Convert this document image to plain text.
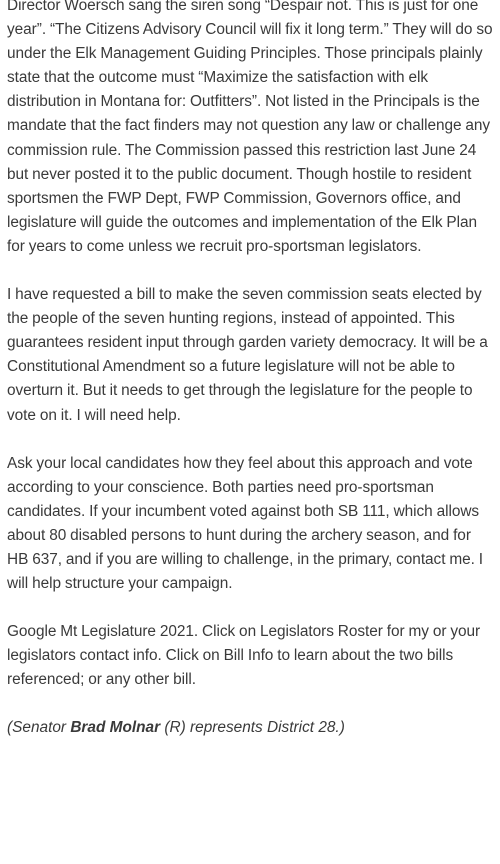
Director Woersch sang the siren song “Despair not. This is just for one year”. “The Citizens Advisory Council will fix it long term.” They will do so under the Elk Management Guiding Principles. Those principals plainly state that the outcome must “Maximize the satisfaction with elk distribution in Montana for: Outfitters”. Not listed in the Principals is the mandate that the fact finders may not question any law or challenge any commission rule. The Commission passed this restriction last June 24 but never posted it to the public document. Though hostile to resident sportsmen the FWP Dept, FWP Commission, Governors office, and legislature will guide the outcomes and implementation of the Elk Plan for years to come unless we recruit pro-sportsman legislators.

I have requested a bill to make the seven commission seats elected by the people of the seven hunting regions, instead of appointed. This guarantees resident input through garden variety democracy. It will be a Constitutional Amendment so a future legislature will not be able to overturn it. But it needs to get through the legislature for the people to vote on it. I will need help.

Ask your local candidates how they feel about this approach and vote according to your conscience. Both parties need pro-sportsman candidates. If your incumbent voted against both SB 111, which allows about 80 disabled persons to hunt during the archery season, and for HB 637, and if you are willing to challenge, in the primary, contact me. I will help structure your campaign.

Google Mt Legislature 2021. Click on Legislators Roster for my or your legislators contact info. Click on Bill Info to learn about the two bills referenced; or any other bill.

(Senator Brad Molnar (R) represents District 28.)
